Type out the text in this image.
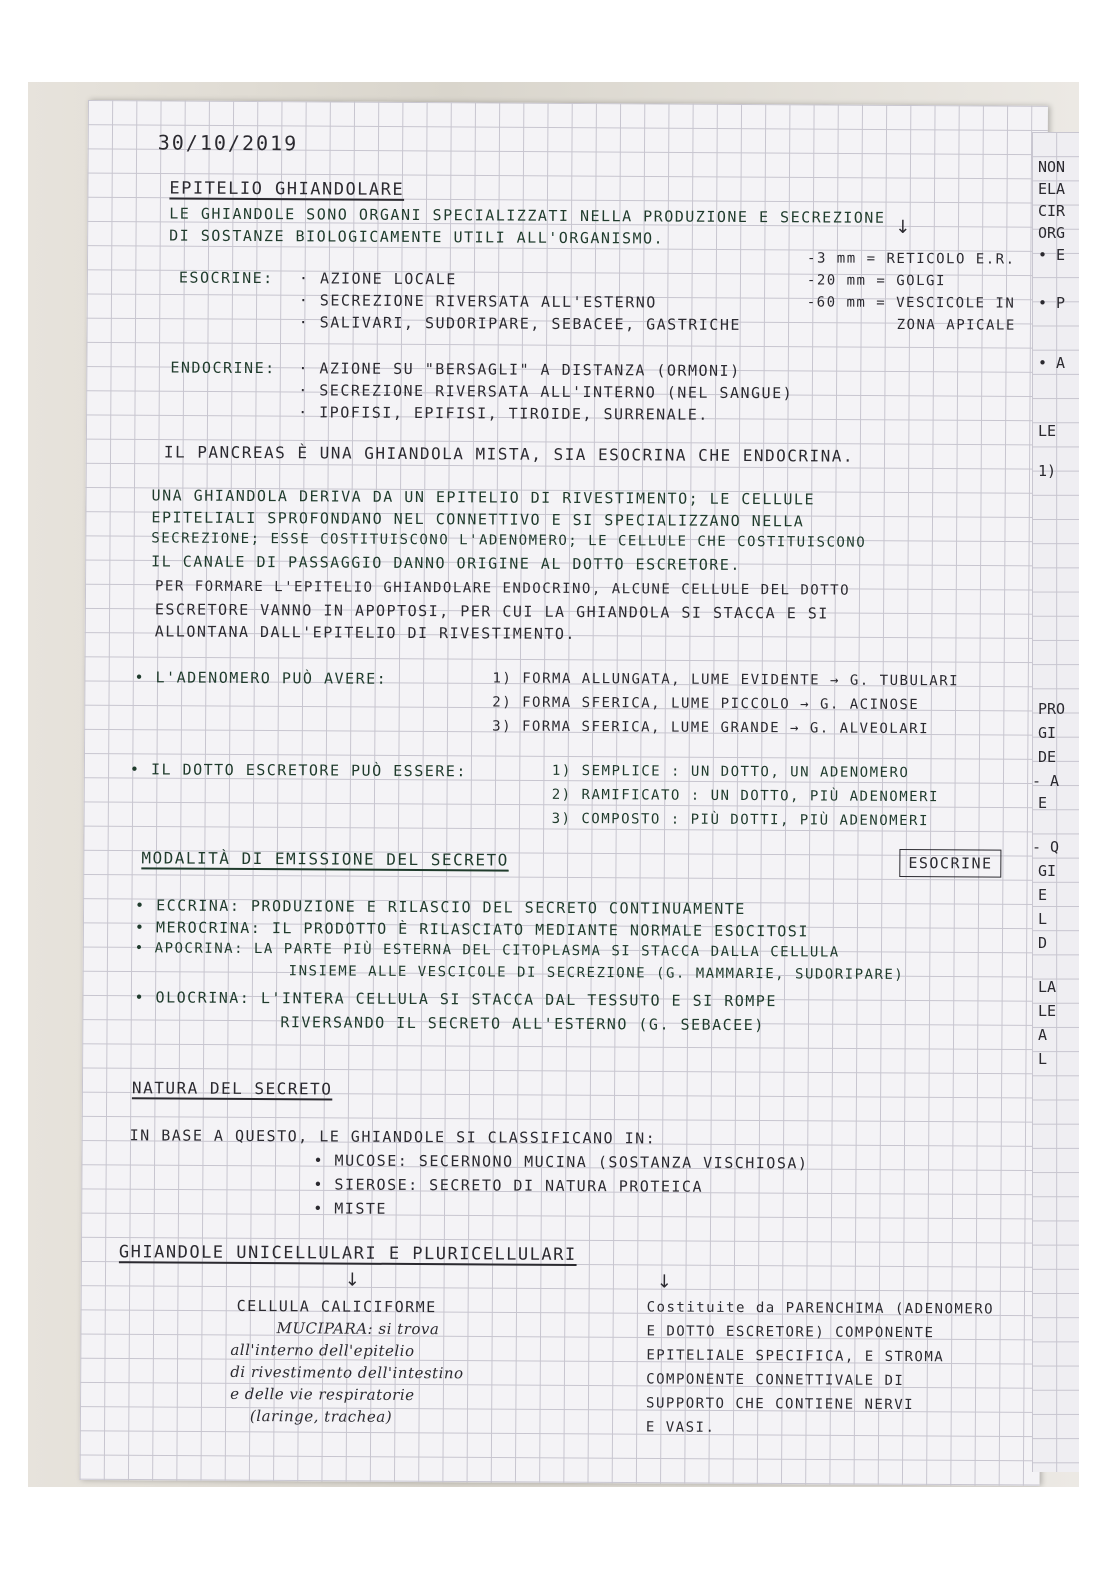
30/10/2019
EPITELIO GHIANDOLARE
LE GHIANDOLE SONO ORGANI SPECIALIZZATI NELLA PRODUZIONE E SECREZIONE
DI SOSTANZE BIOLOGICAMENTE UTILI ALL'ORGANISMO.	↓
-3 mm = RETICOLO E.R.
-20 mm = GOLGI
-60 mm = VESCICOLE IN
ZONA APICALE
ESOCRINE: · AZIONE LOCALE
· SECREZIONE RIVERSATA ALL'ESTERNO
· SALIVARI, SUDORIPARE, SEBACEE, GASTRICHE
ENDOCRINE: · AZIONE SU "BERSAGLI" A DISTANZA (ORMONI)
· SECREZIONE RIVERSATA ALL'INTERNO (NEL SANGUE)
· IPOFISI, EPIFISI, TIROIDE, SURRENALE.
IL PANCREAS È UNA GHIANDOLA MISTA, SIA ESOCRINA CHE ENDOCRINA.
UNA GHIANDOLA DERIVA DA UN EPITELIO DI RIVESTIMENTO; LE CELLULE
EPITELIALI SPROFONDANO NEL CONNETTIVO E SI SPECIALIZZANO NELLA
SECREZIONE; ESSE COSTITUISCONO L'ADENOMERO; LE CELLULE CHE COSTITUISCONO
IL CANALE DI PASSAGGIO DANNO ORIGINE AL DOTTO ESCRETORE.
PER FORMARE L'EPITELIO GHIANDOLARE ENDOCRINO, ALCUNE CELLULE DEL DOTTO
ESCRETORE VANNO IN APOPTOSI, PER CUI LA GHIANDOLA SI STACCA E SI
ALLONTANA DALL'EPITELIO DI RIVESTIMENTO.
• L'ADENOMERO PUÒ AVERE:	1) FORMA ALLUNGATA, LUME EVIDENTE → G. TUBULARI
2) FORMA SFERICA, LUME PICCOLO → G. ACINOSE
3) FORMA SFERICA, LUME GRANDE → G. ALVEOLARI
• IL DOTTO ESCRETORE PUÒ ESSERE:	1) SEMPLICE : UN DOTTO, UN ADENOMERO
2) RAMIFICATO : UN DOTTO, PIÙ ADENOMERI
3) COMPOSTO : PIÙ DOTTI, PIÙ ADENOMERI
MODALITÀ DI EMISSIONE DEL SECRETO	ESOCRINE
• ECCRINA: PRODUZIONE E RILASCIO DEL SECRETO CONTINUAMENTE
• MEROCRINA: IL PRODOTTO È RILASCIATO MEDIANTE NORMALE ESOCITOSI
• APOCRINA: LA PARTE PIÙ ESTERNA DEL CITOPLASMA SI STACCA DALLA CELLULA
INSIEME ALLE VESCICOLE DI SECREZIONE (G. MAMMARIE, SUDORIPARE)
• OLOCRINA: L'INTERA CELLULA SI STACCA DAL TESSUTO E SI ROMPE
RIVERSANDO IL SECRETO ALL'ESTERNO (G. SEBACEE)
NATURA DEL SECRETO
IN BASE A QUESTO, LE GHIANDOLE SI CLASSIFICANO IN:
• MUCOSE: SECERNONO MUCINA (SOSTANZA VISCHIOSA)
• SIEROSE: SECRETO DI NATURA PROTEICA
• MISTE
GHIANDOLE UNICELLULARI E PLURICELLULARI
↓	↓
CELLULA CALICIFORME
MUCIPARA: si trova
all'interno dell'epitelio
di rivestimento dell'intestino
e delle vie respiratorie
(laringe, trachea)
Costituite da PARENCHIMA (ADENOMERO
E DOTTO ESCRETORE) COMPONENTE
EPITELIALE SPECIFICA, E STROMA
COMPONENTE CONNETTIVALE DI
SUPPORTO CHE CONTIENE NERVI
E VASI.
NON
ELA
CIR
ORG
• E
• P
• A
LE
1)
PRO
GI
DE
- A
E
- Q
GI
E
L
D
LA
LE
A
L
